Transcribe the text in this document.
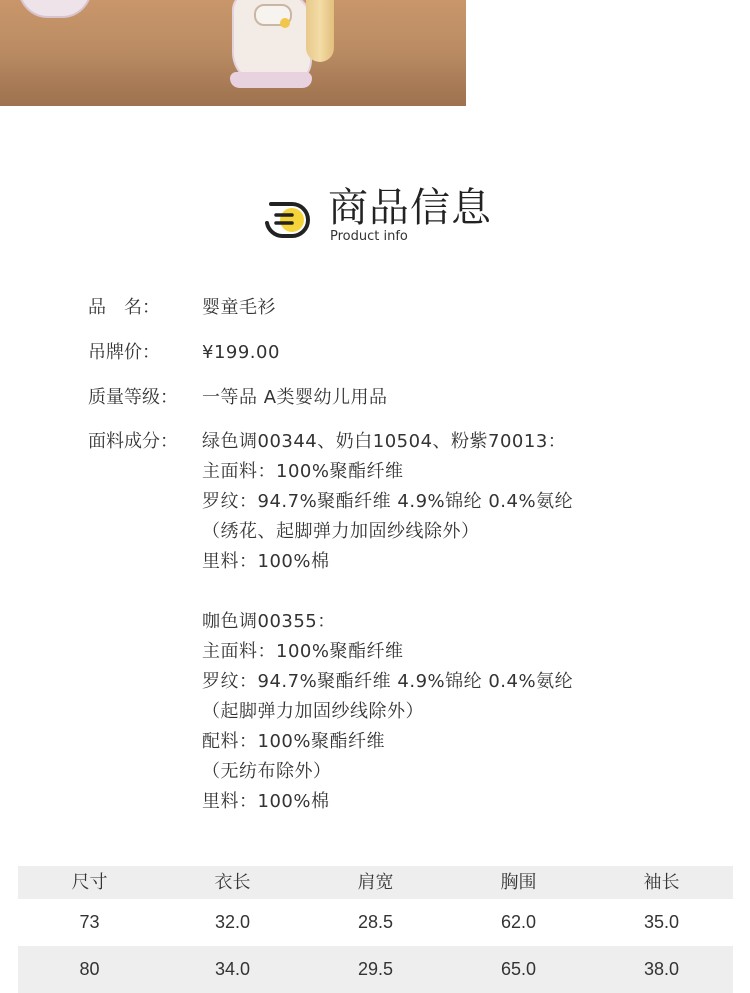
商品信息
Product info
品　名： 婴童毛衫
吊牌价： ¥199.00
质量等级： 一等品 A类婴幼儿用品
面料成分： 绿色调00344、奶白10504、粉紫70013：
主面料：100%聚酯纤维
罗纹：94.7%聚酯纤维 4.9%锦纶 0.4%氨纶
（绣花、起脚弹力加固纱线除外）
里料：100%棉
咖色调00355：
主面料：100%聚酯纤维
罗纹：94.7%聚酯纤维 4.9%锦纶 0.4%氨纶
（起脚弹力加固纱线除外）
配料：100%聚酯纤维
（无纺布除外）
里料：100%棉
尺寸	衣长	肩宽	胸围	袖长
73	32.0	28.5	62.0	35.0
80	34.0	29.5	65.0	38.0
